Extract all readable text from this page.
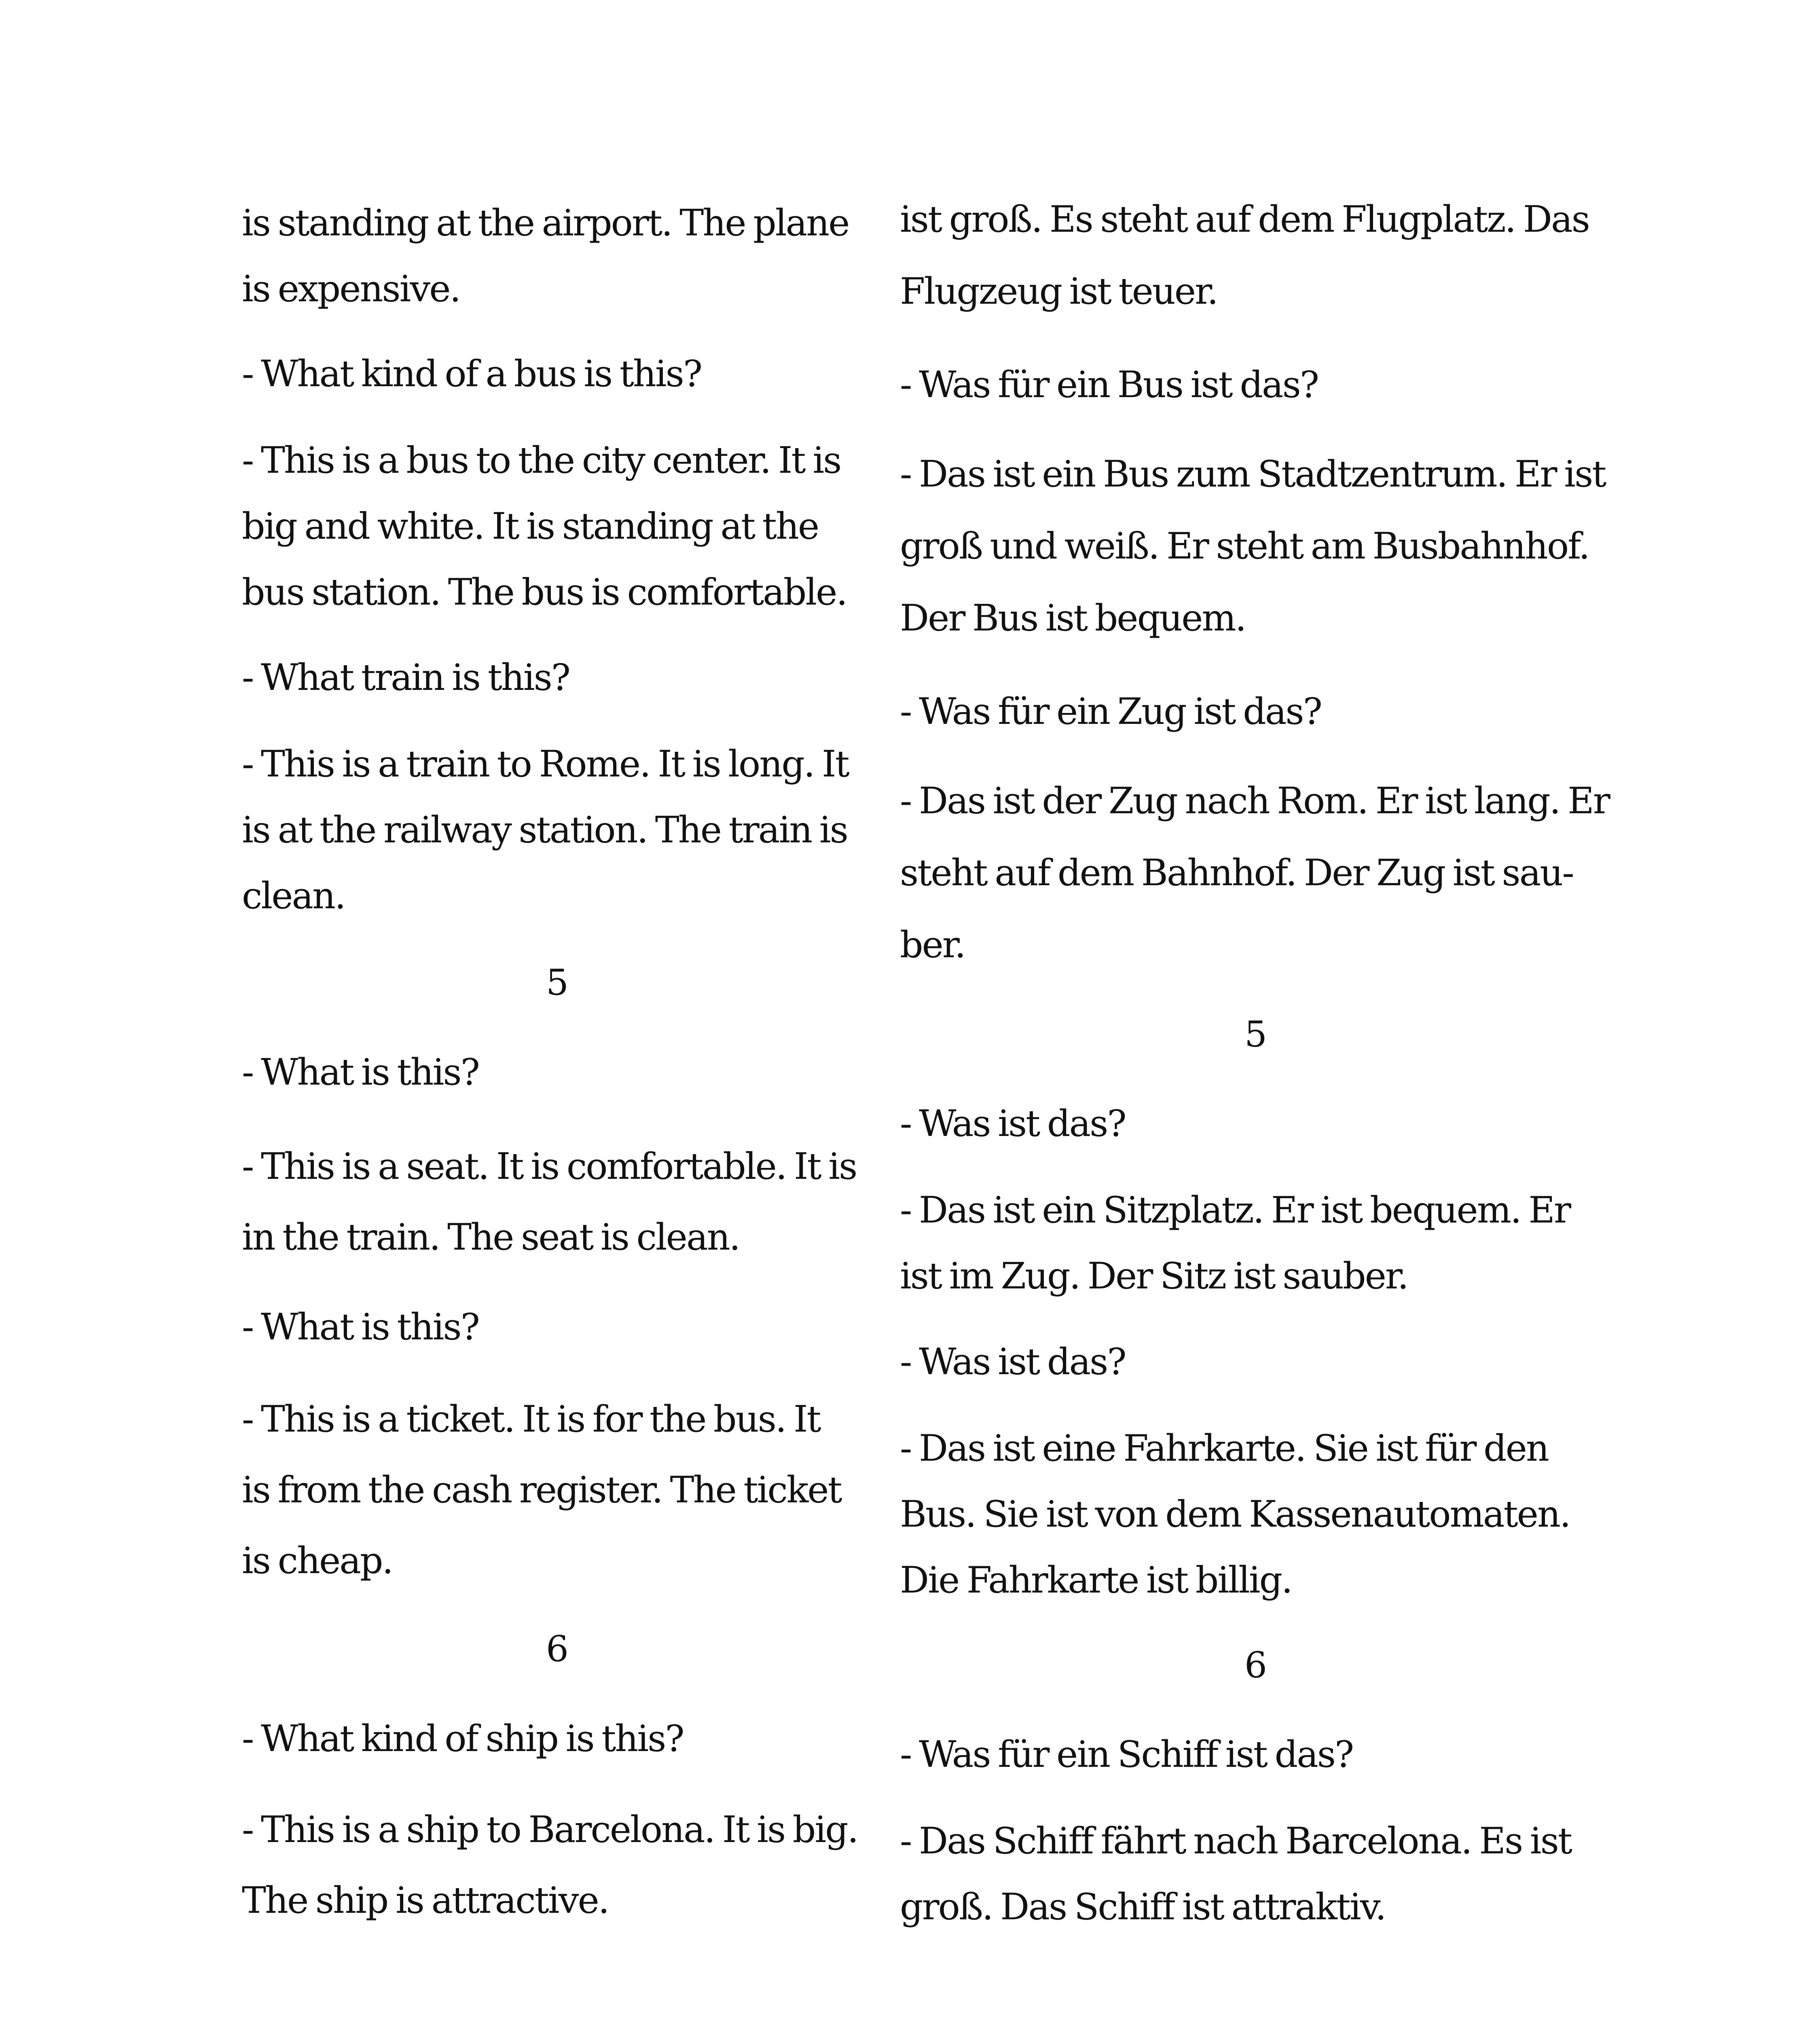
is standing at the airport. The plane
is expensive.

- What kind of a bus is this?

- This is a bus to the city center. It is
big and white. It is standing at the
bus station. The bus is comfortable.

- What train is this?

- This is a train to Rome. It is long. It
is at the railway station. The train is
clean.

5

- What is this?

- This is a seat. It is comfortable. It is
in the train. The seat is clean.

- What is this?

- This is a ticket. It is for the bus. It
is from the cash register. The ticket
is cheap.

6

- What kind of ship is this?

- This is a ship to Barcelona. It is big.
The ship is attractive.

ist groß. Es steht auf dem Flugplatz. Das
Flugzeug ist teuer.

- Was für ein Bus ist das?

- Das ist ein Bus zum Stadtzentrum. Er ist
groß und weiß. Er steht am Busbahnhof.
Der Bus ist bequem.

- Was für ein Zug ist das?

- Das ist der Zug nach Rom. Er ist lang. Er
steht auf dem Bahnhof. Der Zug ist sau-
ber.

5

- Was ist das?

- Das ist ein Sitzplatz. Er ist bequem. Er
ist im Zug. Der Sitz ist sauber.

- Was ist das?

- Das ist eine Fahrkarte. Sie ist für den
Bus. Sie ist von dem Kassenautomaten.
Die Fahrkarte ist billig.

6

- Was für ein Schiff ist das?

- Das Schiff fährt nach Barcelona. Es ist
groß. Das Schiff ist attraktiv.
